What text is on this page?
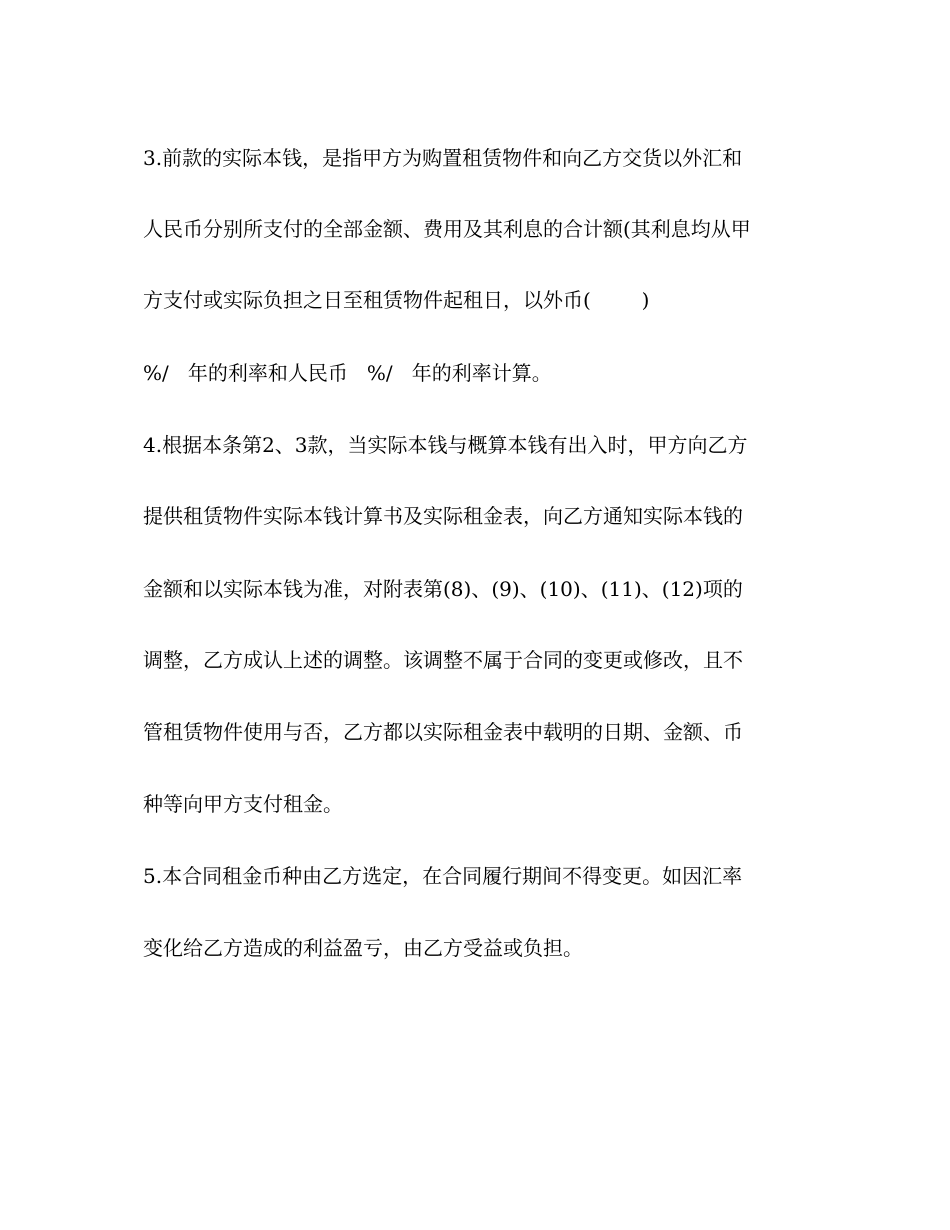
3.前款的实际本钱，是指甲方为购置租赁物件和向乙方交货以外汇和
人民币分别所支付的全部金额、费用及其利息的合计额(其利息均从甲
方支付或实际负担之日至租赁物件起租日，以外币(        )
%/   年的利率和人民币   %/   年的利率计算。
4.根据本条第2、3款，当实际本钱与概算本钱有出入时，甲方向乙方
提供租赁物件实际本钱计算书及实际租金表，向乙方通知实际本钱的
金额和以实际本钱为准，对附表第(8)、(9)、(10)、(11)、(12)项的
调整，乙方成认上述的调整。该调整不属于合同的变更或修改，且不
管租赁物件使用与否，乙方都以实际租金表中载明的日期、金额、币
种等向甲方支付租金。
5.本合同租金币种由乙方选定，在合同履行期间不得变更。如因汇率
变化给乙方造成的利益盈亏，由乙方受益或负担。
